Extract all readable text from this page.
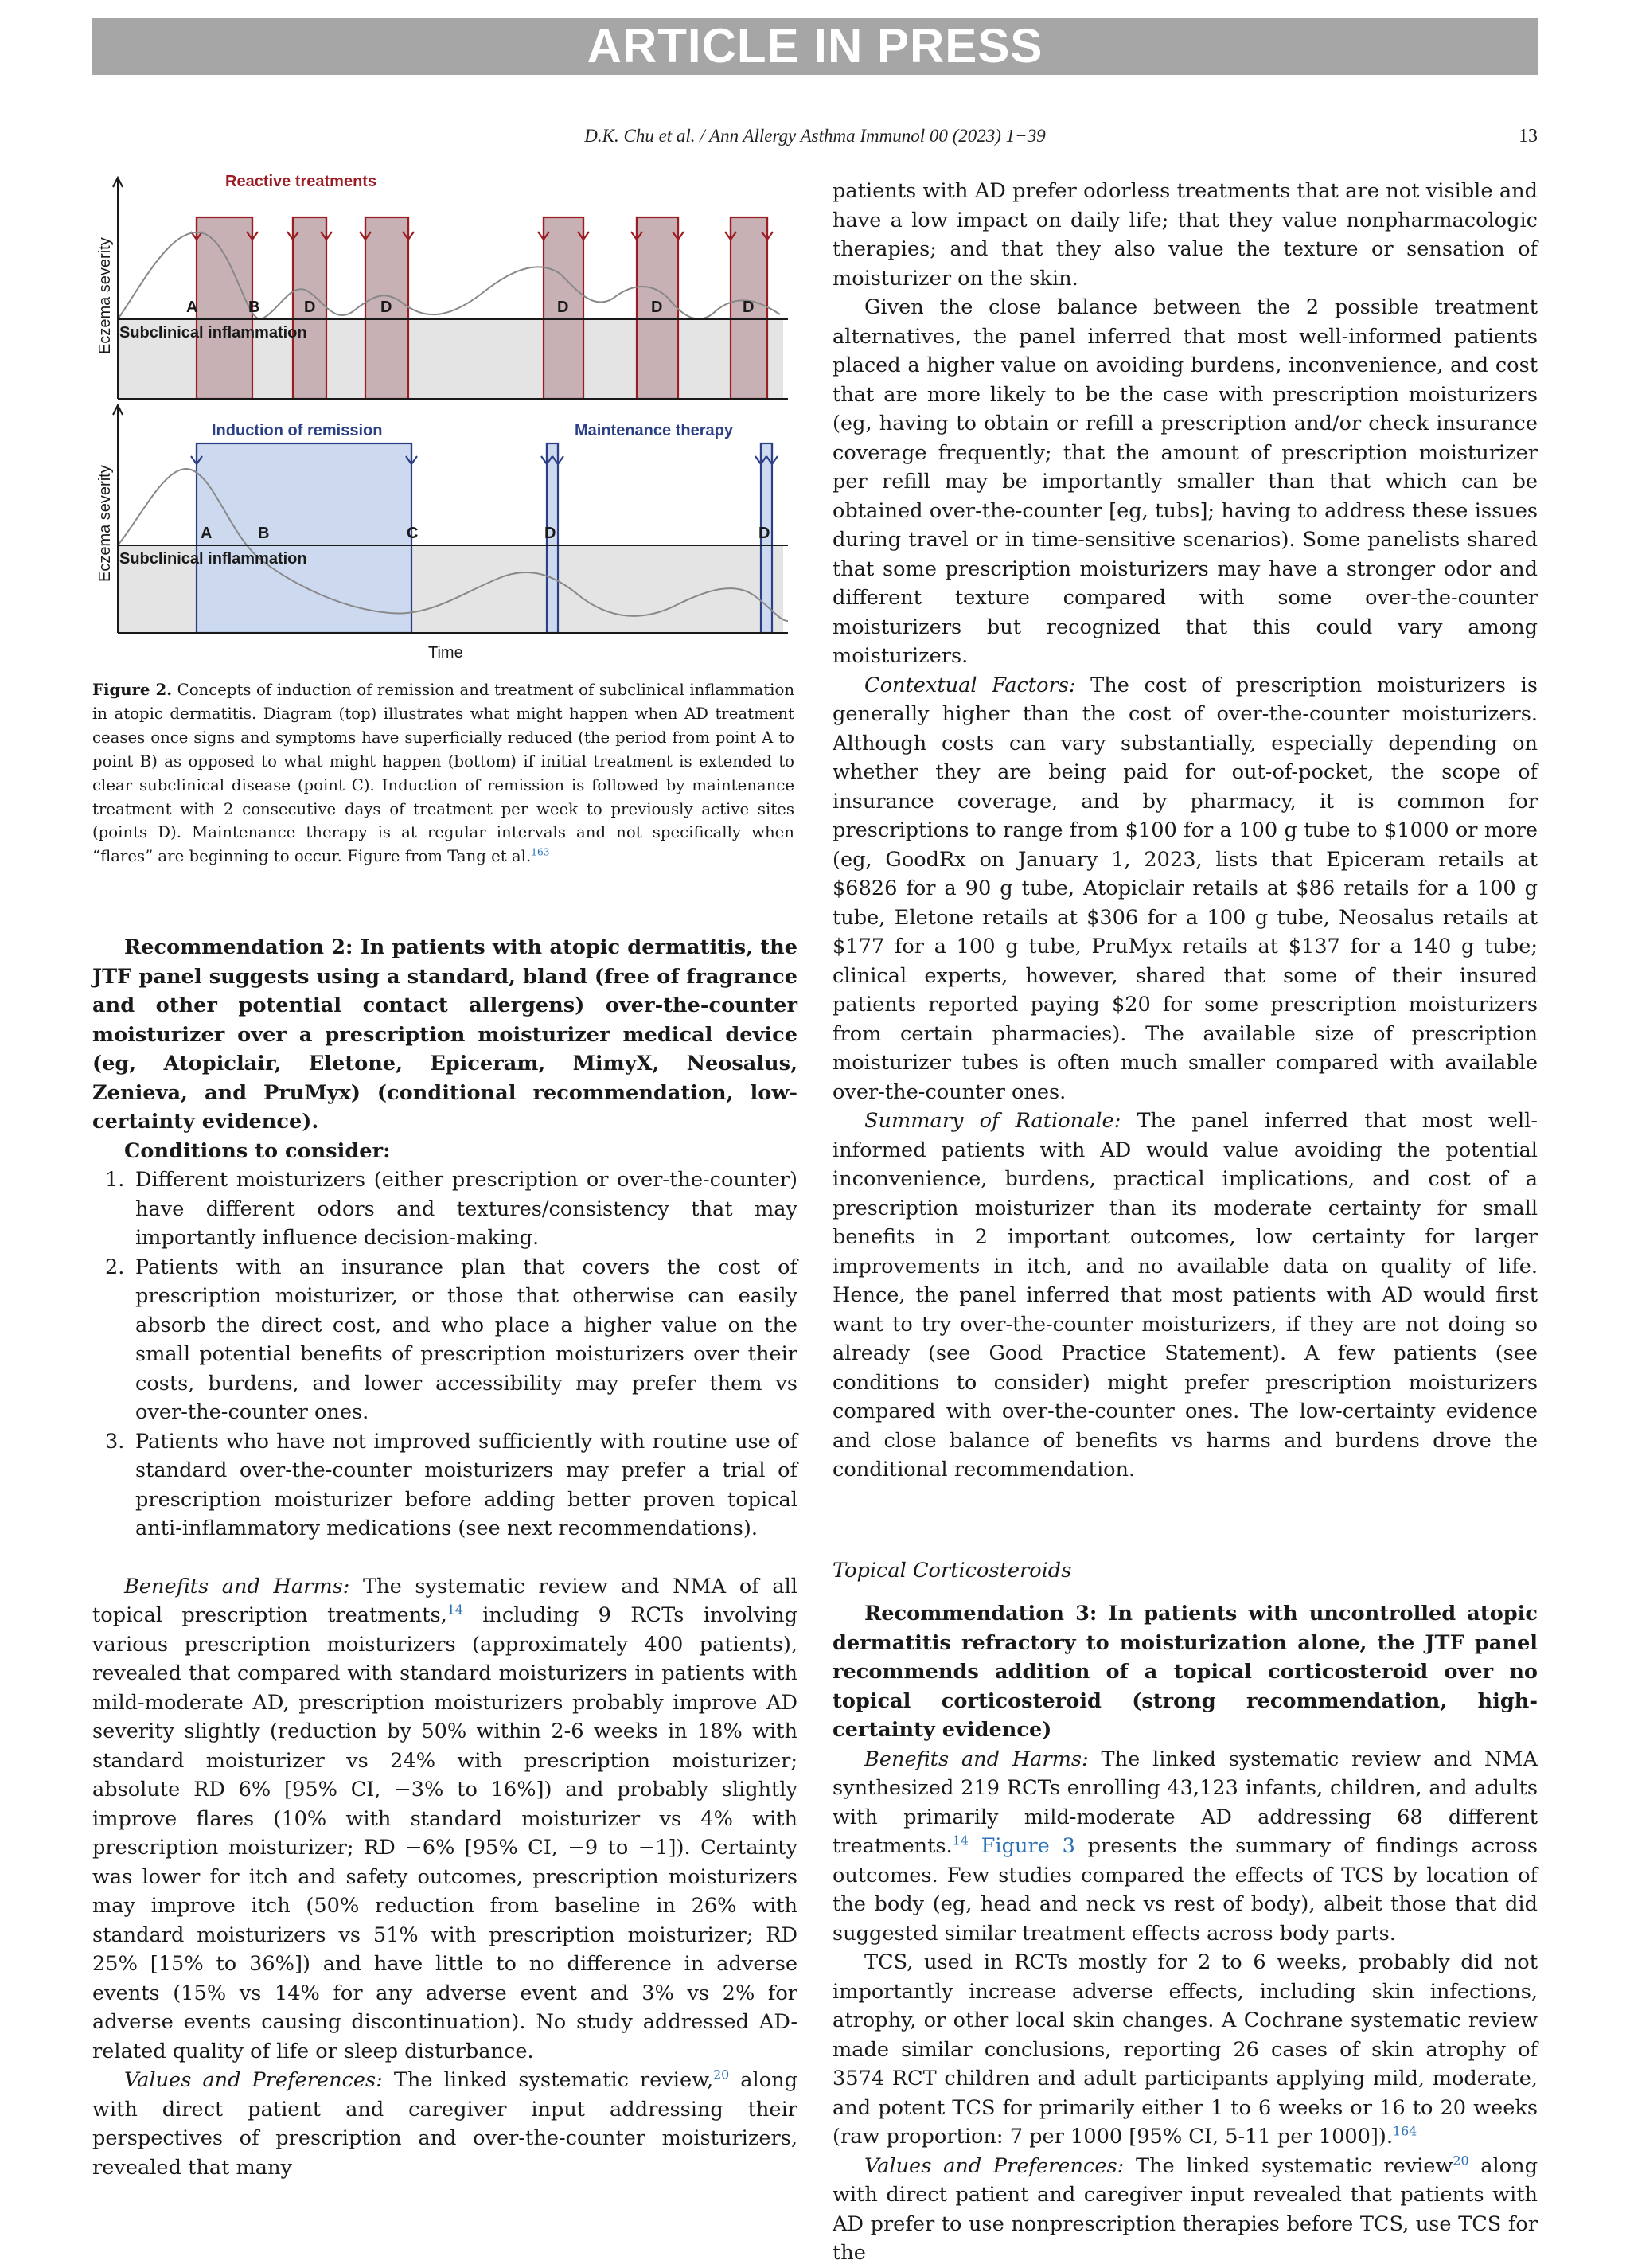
ARTICLE IN PRESS
D.K. Chu et al. / Ann Allergy Asthma Immunol 00 (2023) 1−39	13
Reactive treatments
A	B	D	D	D	D	D
Subclinical inflammation
Eczema severity
Induction of remission	Maintenance therapy
A	B	C	D	D
Subclinical inflammation
Eczema severity
Time
Figure 2. Concepts of induction of remission and treatment of subclinical inflammation in atopic dermatitis. Diagram (top) illustrates what might happen when AD treatment ceases once signs and symptoms have superficially reduced (the period from point A to point B) as opposed to what might happen (bottom) if initial treatment is extended to clear subclinical disease (point C). Induction of remission is followed by maintenance treatment with 2 consecutive days of treatment per week to previously active sites (points D). Maintenance therapy is at regular intervals and not specifically when “flares” are beginning to occur. Figure from Tang et al.$^{163}$

Recommendation 2: In patients with atopic dermatitis, the JTF panel suggests using a standard, bland (free of fragrance and other potential contact allergens) over-the-counter moisturizer over a prescription moisturizer medical device (eg, Atopiclair, Eletone, Epiceram, MimyX, Neosalus, Zenieva, and PruMyx) (conditional recommendation, low-certainty evidence).

Conditions to consider:

1. Different moisturizers (either prescription or over-the-counter) have different odors and textures/consistency that may importantly influence decision-making.
2. Patients with an insurance plan that covers the cost of prescription moisturizer, or those that otherwise can easily absorb the direct cost, and who place a higher value on the small potential benefits of prescription moisturizers over their costs, burdens, and lower accessibility may prefer them vs over-the-counter ones.
3. Patients who have not improved sufficiently with routine use of standard over-the-counter moisturizers may prefer a trial of prescription moisturizer before adding better proven topical anti-inflammatory medications (see next recommendations).

Benefits and Harms: The systematic review and NMA of all topical prescription treatments,$^{14}$ including 9 RCTs involving various prescription moisturizers (approximately 400 patients), revealed that compared with standard moisturizers in patients with mild-moderate AD, prescription moisturizers probably improve AD severity slightly (reduction by 50% within 2-6 weeks in 18% with standard moisturizer vs 24% with prescription moisturizer; absolute RD 6% [95% CI, −3% to 16%]) and probably slightly improve flares (10% with standard moisturizer vs 4% with prescription moisturizer; RD −6% [95% CI, −9 to −1]). Certainty was lower for itch and safety outcomes, prescription moisturizers may improve itch (50% reduction from baseline in 26% with standard moisturizers vs 51% with prescription moisturizer; RD 25% [15% to 36%]) and have little to no difference in adverse events (15% vs 14% for any adverse event and 3% vs 2% for adverse events causing discontinuation). No study addressed AD-related quality of life or sleep disturbance.

Values and Preferences: The linked systematic review,$^{20}$ along with direct patient and caregiver input addressing their perspectives of prescription and over-the-counter moisturizers, revealed that many

patients with AD prefer odorless treatments that are not visible and have a low impact on daily life; that they value nonpharmacologic therapies; and that they also value the texture or sensation of moisturizer on the skin.

Given the close balance between the 2 possible treatment alternatives, the panel inferred that most well-informed patients placed a higher value on avoiding burdens, inconvenience, and cost that are more likely to be the case with prescription moisturizers (eg, having to obtain or refill a prescription and/or check insurance coverage frequently; that the amount of prescription moisturizer per refill may be importantly smaller than that which can be obtained over-the-counter [eg, tubs]; having to address these issues during travel or in time-sensitive scenarios). Some panelists shared that some prescription moisturizers may have a stronger odor and different texture compared with some over-the-counter moisturizers but recognized that this could vary among moisturizers.

Contextual Factors: The cost of prescription moisturizers is generally higher than the cost of over-the-counter moisturizers. Although costs can vary substantially, especially depending on whether they are being paid for out-of-pocket, the scope of insurance coverage, and by pharmacy, it is common for prescriptions to range from $100 for a 100 g tube to $1000 or more (eg, GoodRx on January 1, 2023, lists that Epiceram retails at $6826 for a 90 g tube, Atopiclair retails at $86 retails for a 100 g tube, Eletone retails at $306 for a 100 g tube, Neosalus retails at $177 for a 100 g tube, PruMyx retails at $137 for a 140 g tube; clinical experts, however, shared that some of their insured patients reported paying $20 for some prescription moisturizers from certain pharmacies). The available size of prescription moisturizer tubes is often much smaller compared with available over-the-counter ones.

Summary of Rationale: The panel inferred that most well-informed patients with AD would value avoiding the potential inconvenience, burdens, practical implications, and cost of a prescription moisturizer than its moderate certainty for small benefits in 2 important outcomes, low certainty for larger improvements in itch, and no available data on quality of life. Hence, the panel inferred that most patients with AD would first want to try over-the-counter moisturizers, if they are not doing so already (see Good Practice Statement). A few patients (see conditions to consider) might prefer prescription moisturizers compared with over-the-counter ones. The low-certainty evidence and close balance of benefits vs harms and burdens drove the conditional recommendation.

Topical Corticosteroids

Recommendation 3: In patients with uncontrolled atopic dermatitis refractory to moisturization alone, the JTF panel recommends addition of a topical corticosteroid over no topical corticosteroid (strong recommendation, high-certainty evidence)

Benefits and Harms: The linked systematic review and NMA synthesized 219 RCTs enrolling 43,123 infants, children, and adults with primarily mild-moderate AD addressing 68 different treatments.$^{14}$ Figure 3 presents the summary of findings across outcomes. Few studies compared the effects of TCS by location of the body (eg, head and neck vs rest of body), albeit those that did suggested similar treatment effects across body parts.

TCS, used in RCTs mostly for 2 to 6 weeks, probably did not importantly increase adverse effects, including skin infections, atrophy, or other local skin changes. A Cochrane systematic review made similar conclusions, reporting 26 cases of skin atrophy of 3574 RCT children and adult participants applying mild, moderate, and potent TCS for primarily either 1 to 6 weeks or 16 to 20 weeks (raw proportion: 7 per 1000 [95% CI, 5-11 per 1000]).$^{164}$

Values and Preferences: The linked systematic review$^{20}$ along with direct patient and caregiver input revealed that patients with AD prefer to use nonprescription therapies before TCS, use TCS for the
